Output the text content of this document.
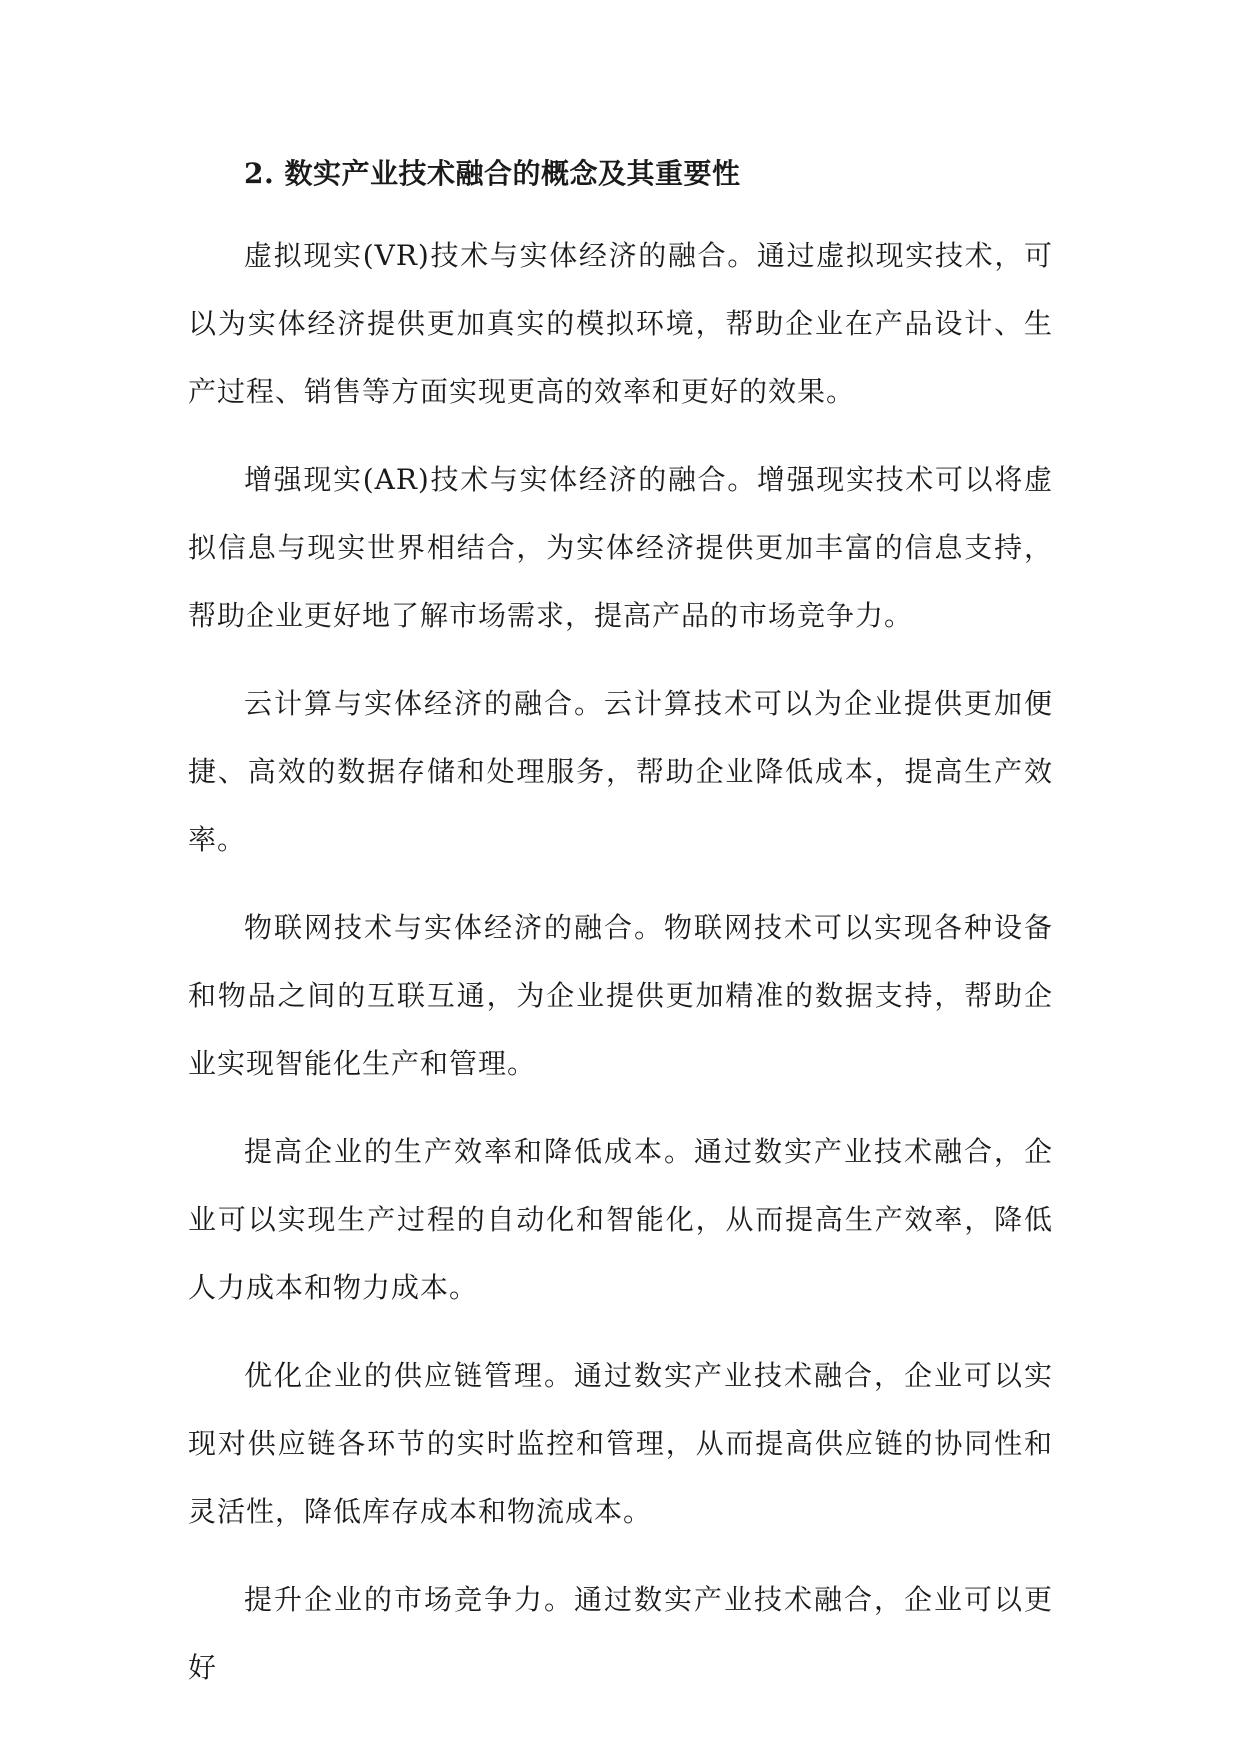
2. 数实产业技术融合的概念及其重要性

虚拟现实(VR)技术与实体经济的融合。通过虚拟现实技术，可以为实体经济提供更加真实的模拟环境，帮助企业在产品设计、生产过程、销售等方面实现更高的效率和更好的效果。

增强现实(AR)技术与实体经济的融合。增强现实技术可以将虚拟信息与现实世界相结合，为实体经济提供更加丰富的信息支持，帮助企业更好地了解市场需求，提高产品的市场竞争力。

云计算与实体经济的融合。云计算技术可以为企业提供更加便捷、高效的数据存储和处理服务，帮助企业降低成本，提高生产效率。

物联网技术与实体经济的融合。物联网技术可以实现各种设备和物品之间的互联互通，为企业提供更加精准的数据支持，帮助企业实现智能化生产和管理。

提高企业的生产效率和降低成本。通过数实产业技术融合，企业可以实现生产过程的自动化和智能化，从而提高生产效率，降低人力成本和物力成本。

优化企业的供应链管理。通过数实产业技术融合，企业可以实现对供应链各环节的实时监控和管理，从而提高供应链的协同性和灵活性，降低库存成本和物流成本。

提升企业的市场竞争力。通过数实产业技术融合，企业可以更好
